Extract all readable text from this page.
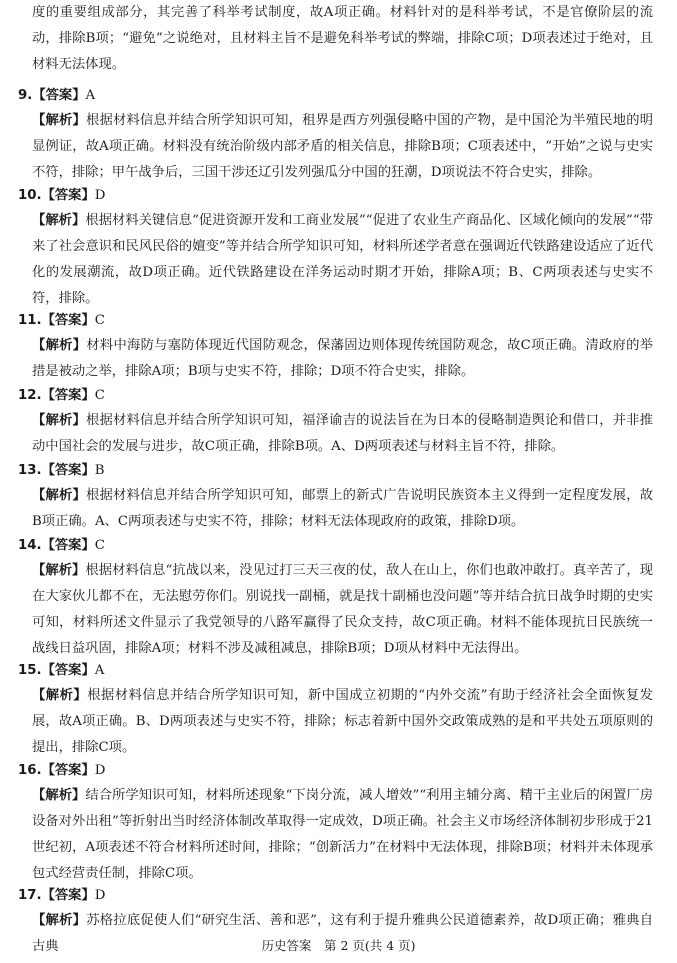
度的重要组成部分，其完善了科举考试制度，故A项正确。材料针对的是科举考试，不是官僚阶层的流动，排除B项；“避免”之说绝对，且材料主旨不是避免科举考试的弊端，排除C项；D项表述过于绝对，且材料无法体现。

9.【答案】A

【解析】根据材料信息并结合所学知识可知，租界是西方列强侵略中国的产物，是中国沦为半殖民地的明显例证，故A项正确。材料没有统治阶级内部矛盾的相关信息，排除B项；C项表述中，“开始”之说与史实不符，排除；甲午战争后，三国干涉还辽引发列强瓜分中国的狂潮，D项说法不符合史实，排除。

10.【答案】D

【解析】根据材料关键信息“促进资源开发和工商业发展”“促进了农业生产商品化、区域化倾向的发展”“带来了社会意识和民风民俗的嬗变”等并结合所学知识可知，材料所述学者意在强调近代铁路建设适应了近代化的发展潮流，故D项正确。近代铁路建设在洋务运动时期才开始，排除A项；B、C两项表述与史实不符，排除。

11.【答案】C

【解析】材料中海防与塞防体现近代国防观念，保藩固边则体现传统国防观念，故C项正确。清政府的举措是被动之举，排除A项；B项与史实不符，排除；D项不符合史实，排除。

12.【答案】C

【解析】根据材料信息并结合所学知识可知，福泽谕吉的说法旨在为日本的侵略制造舆论和借口，并非推动中国社会的发展与进步，故C项正确，排除B项。A、D两项表述与材料主旨不符，排除。

13.【答案】B

【解析】根据材料信息并结合所学知识可知，邮票上的新式广告说明民族资本主义得到一定程度发展，故B项正确。A、C两项表述与史实不符，排除；材料无法体现政府的政策，排除D项。

14.【答案】C

【解析】根据材料信息“抗战以来，没见过打三天三夜的仗，敌人在山上，你们也敢冲敢打。真辛苦了，现在大家伙儿都不在，无法慰劳你们。别说找一副桶，就是找十副桶也没问题”等并结合抗日战争时期的史实可知，材料所述文件显示了我党领导的八路军赢得了民众支持，故C项正确。材料不能体现抗日民族统一战线日益巩固，排除A项；材料不涉及减租减息，排除B项；D项从材料中无法得出。

15.【答案】A

【解析】根据材料信息并结合所学知识可知，新中国成立初期的“内外交流”有助于经济社会全面恢复发展，故A项正确。B、D两项表述与史实不符，排除；标志着新中国外交政策成熟的是和平共处五项原则的提出，排除C项。

16.【答案】D

【解析】结合所学知识可知，材料所述现象“下岗分流，减人增效”“利用主辅分离、精干主业后的闲置厂房设备对外出租”等折射出当时经济体制改革取得一定成效，D项正确。社会主义市场经济体制初步形成于21世纪初，A项表述不符合材料所述时间，排除；“创新活力”在材料中无法体现，排除B项；材料并未体现承包式经营责任制，排除C项。

17.【答案】D

【解析】苏格拉底促使人们“研究生活、善和恶”，这有利于提升雅典公民道德素养，故D项正确；雅典自古典	历史答案　第 2 页(共 4 页)
